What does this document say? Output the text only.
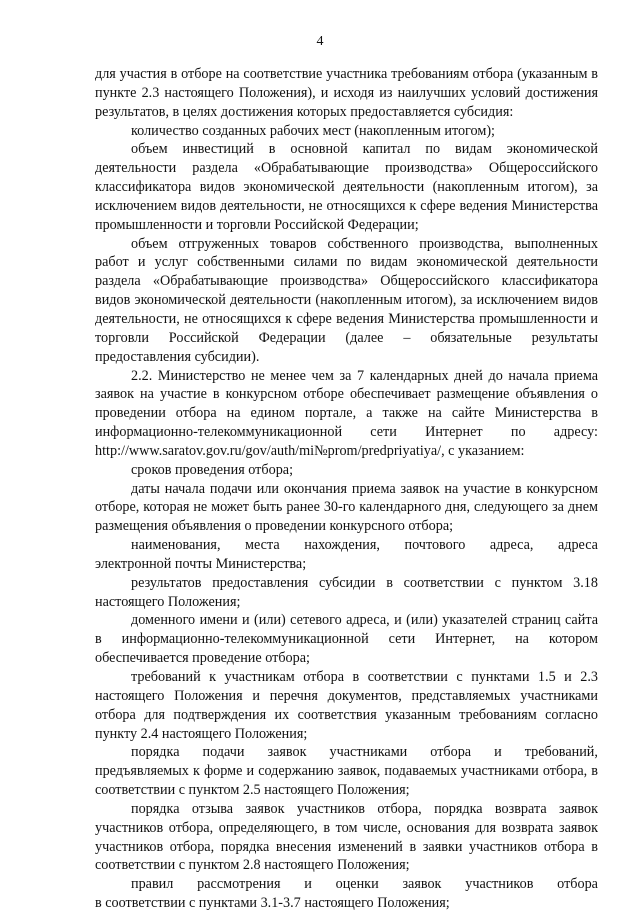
4

для участия в отборе на соответствие участника требованиям отбора (указанным в пункте 2.3 настоящего Положения), и исходя из наилучших условий достижения результатов, в целях достижения которых предоставляется субсидия:

количество созданных рабочих мест (накопленным итогом);

объем инвестиций в основной капитал по видам экономической деятельности раздела «Обрабатывающие производства» Общероссийского классификатора видов экономической деятельности (накопленным итогом), за исключением видов деятельности, не относящихся к сфере ведения Министерства промышленности и торговли Российской Федерации;

объем отгруженных товаров собственного производства, выполненных работ и услуг собственными силами по видам экономической деятельности раздела «Обрабатывающие производства» Общероссийского классификатора видов экономической деятельности (накопленным итогом), за исключением видов деятельности, не относящихся к сфере ведения Министерства промышленности и торговли Российской Федерации (далее – обязательные результаты предоставления субсидии).

2.2. Министерство не менее чем за 7 календарных дней до начала приема заявок на участие в конкурсном отборе обеспечивает размещение объявления о проведении отбора на едином портале, а также на сайте Министерства в информационно-телекоммуникационной сети Интернет по адресу: http://www.saratov.gov.ru/gov/auth/mi№prom/predpriyatiya/, с указанием:

сроков проведения отбора;

даты начала подачи или окончания приема заявок на участие в конкурсном отборе, которая не может быть ранее 30-го календарного дня, следующего за днем размещения объявления о проведении конкурсного отбора;

наименования, места нахождения, почтового адреса, адреса

электронной почты Министерства;

результатов предоставления субсидии в соответствии с пунктом 3.18 настоящего Положения;

доменного имени и (или) сетевого адреса, и (или) указателей страниц сайта в информационно-телекоммуникационной сети Интернет, на котором обеспечивается проведение отбора;

требований к участникам отбора в соответствии с пунктами 1.5 и 2.3 настоящего Положения и перечня документов, представляемых участниками отбора для подтверждения их соответствия указанным требованиям согласно пункту 2.4 настоящего Положения;

порядка подачи заявок участниками отбора и требований,

предъявляемых к форме и содержанию заявок, подаваемых участниками отбора, в соответствии с пунктом 2.5 настоящего Положения;

порядка отзыва заявок участников отбора, порядка возврата заявок участников отбора, определяющего, в том числе, основания для возврата заявок участников отбора, порядка внесения изменений в заявки участников отбора в соответствии с пунктом 2.8 настоящего Положения;

правил рассмотрения и оценки заявок участников отбора

в соответствии с пунктами 3.1-3.7 настоящего Положения;
